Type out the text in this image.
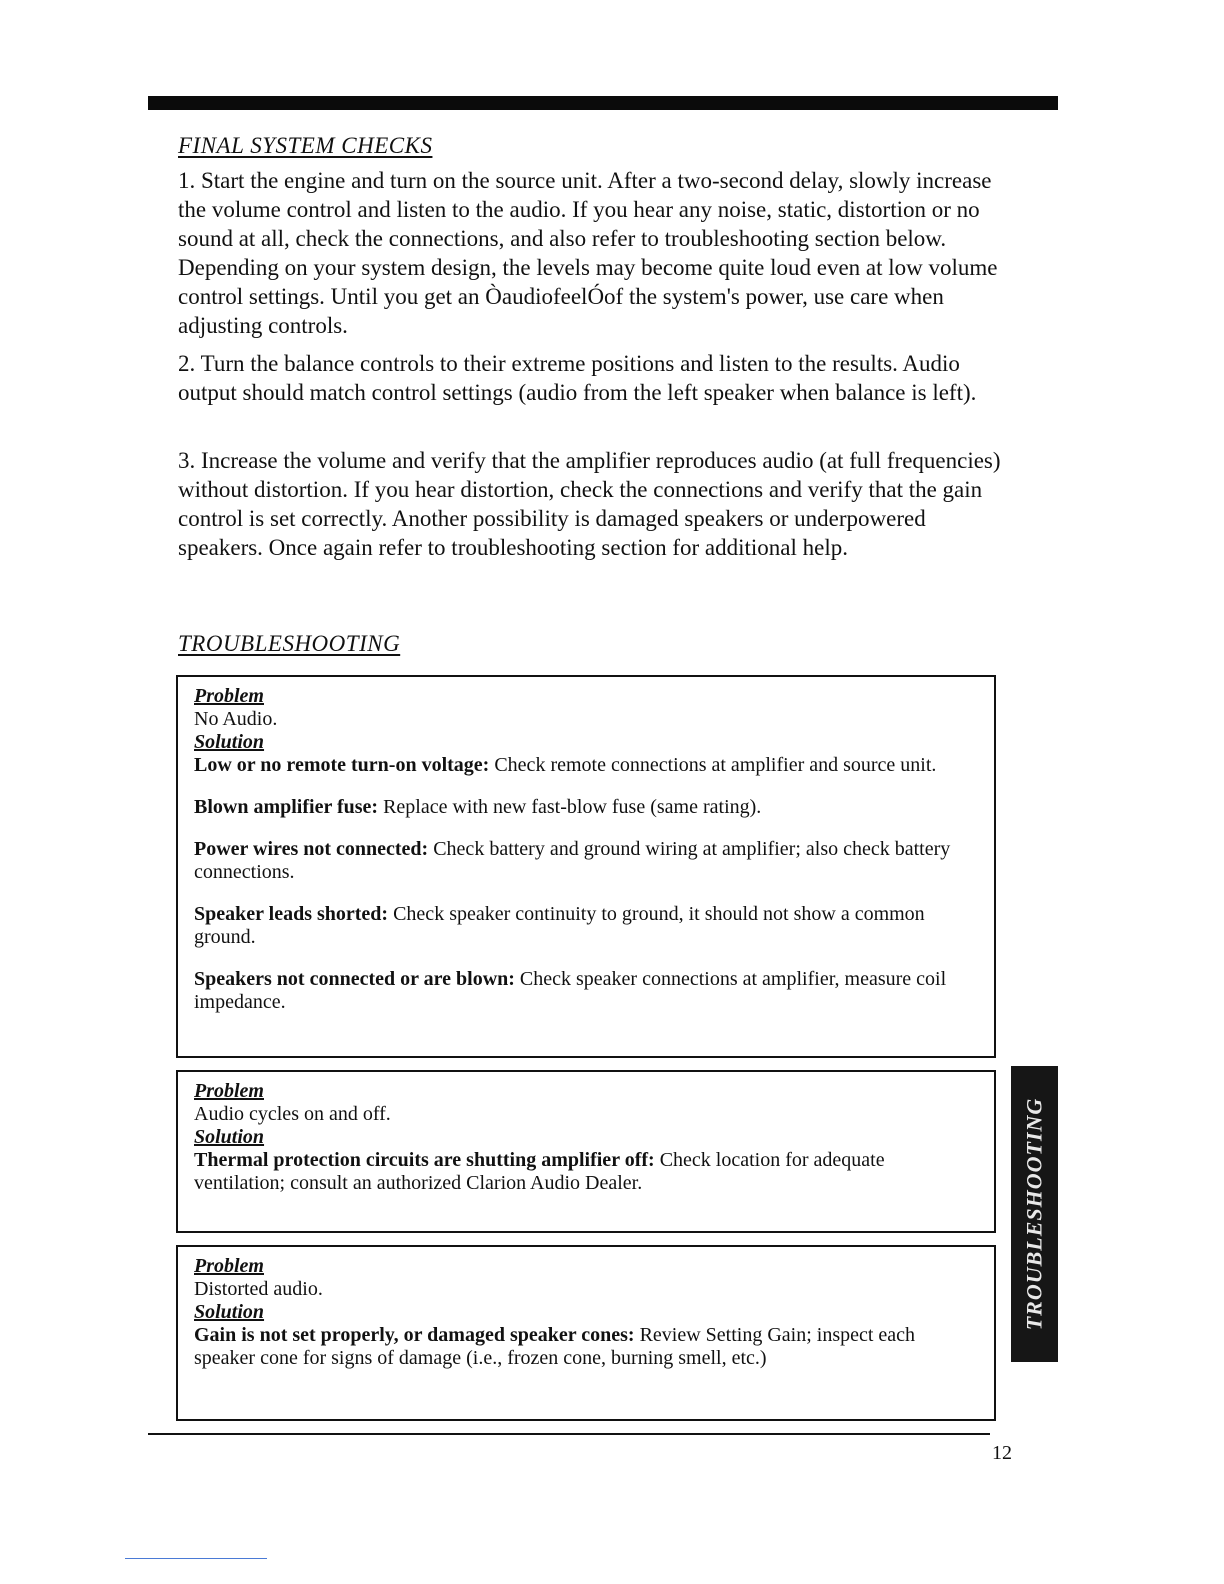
FINAL SYSTEM CHECKS

1. Start the engine and turn on the source unit. After a two-second delay, slowly increase the volume control and listen to the audio. If you hear any noise, static, distortion or no sound at all, check the connections, and also refer to troubleshooting section below. Depending on your system design, the levels may become quite loud even at low volume control settings. Until you get an ÒaudiofeelÓof the system's power, use care when adjusting controls.

2. Turn the balance controls to their extreme positions and listen to the results. Audio output should match control settings (audio from the left speaker when balance is left).

3. Increase the volume and verify that the amplifier reproduces audio (at full frequencies) without distortion. If you hear distortion, check the connections and verify that the gain control is set correctly. Another possibility is damaged speakers or underpowered speakers. Once again refer to troubleshooting section for additional help.

TROUBLESHOOTING
Problem
No Audio.
Solution

Low or no remote turn-on voltage: Check remote connections at amplifier and source unit.

Blown amplifier fuse: Replace with new fast-blow fuse (same rating).

Power wires not connected: Check battery and ground wiring at amplifier; also check battery connections.

Speaker leads shorted: Check speaker continuity to ground, it should not show a common ground.

Speakers not connected or are blown: Check speaker connections at amplifier, measure coil impedance.

Problem
Audio cycles on and off.
Solution

Thermal protection circuits are shutting amplifier off: Check location for adequate ventilation; consult an authorized Clarion Audio Dealer.

Problem
Distorted audio.
Solution

Gain is not set properly, or damaged speaker cones: Review Setting Gain; inspect each speaker cone for signs of damage (i.e., frozen cone, burning smell, etc.)

TROUBLESHOOTING
12
